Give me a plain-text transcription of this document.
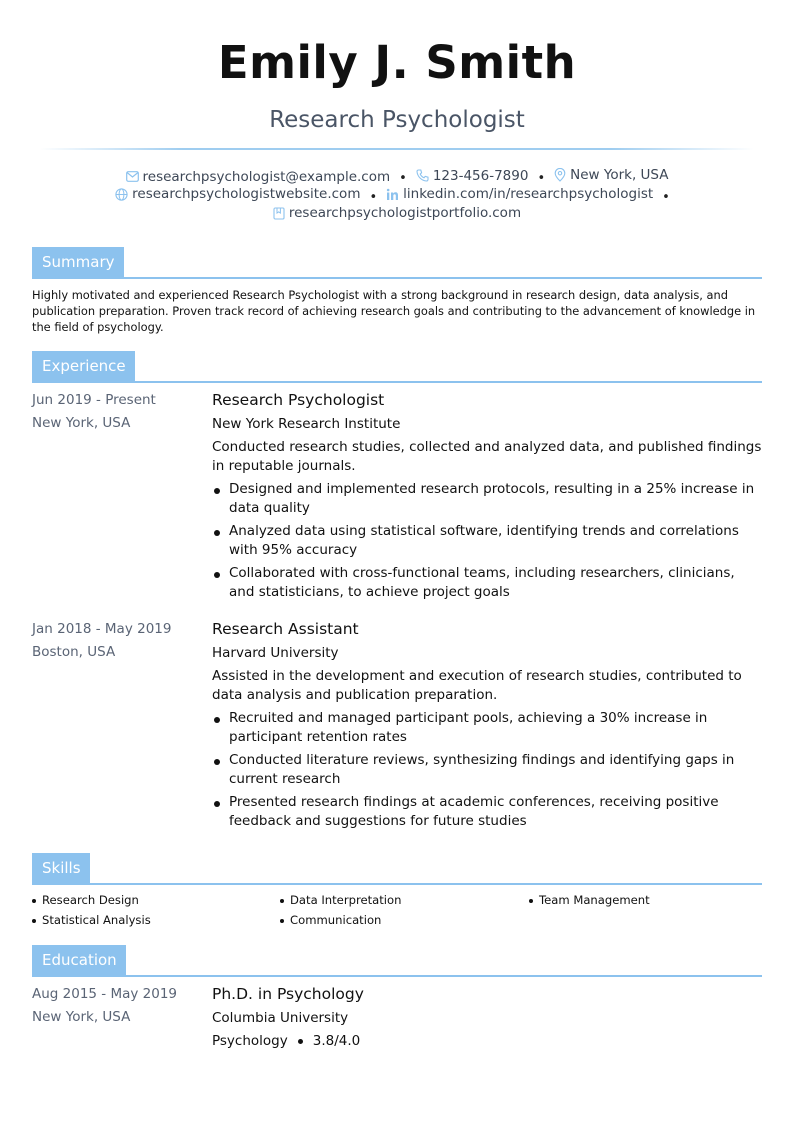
Emily J. Smith
Research Psychologist
researchpsychologist@example.com • 123-456-7890 • New York, USA
researchpsychologistwebsite.com • linkedin.com/in/researchpsychologist •
researchpsychologistportfolio.com
Summary
Highly motivated and experienced Research Psychologist with a strong background in research design, data analysis, and publication preparation. Proven track record of achieving research goals and contributing to the advancement of knowledge in the field of psychology.
Experience
Jun 2019 - Present
New York, USA
Research Psychologist
New York Research Institute
Conducted research studies, collected and analyzed data, and published findings in reputable journals.
Designed and implemented research protocols, resulting in a 25% increase in data quality
Analyzed data using statistical software, identifying trends and correlations with 95% accuracy
Collaborated with cross-functional teams, including researchers, clinicians, and statisticians, to achieve project goals
Jan 2018 - May 2019
Boston, USA
Research Assistant
Harvard University
Assisted in the development and execution of research studies, contributed to data analysis and publication preparation.
Recruited and managed participant pools, achieving a 30% increase in participant retention rates
Conducted literature reviews, synthesizing findings and identifying gaps in current research
Presented research findings at academic conferences, receiving positive feedback and suggestions for future studies
Skills
Research Design	Data Interpretation	Team Management
Statistical Analysis	Communication
Education
Aug 2015 - May 2019
New York, USA
Ph.D. in Psychology
Columbia University
Psychology 3.8/4.0
